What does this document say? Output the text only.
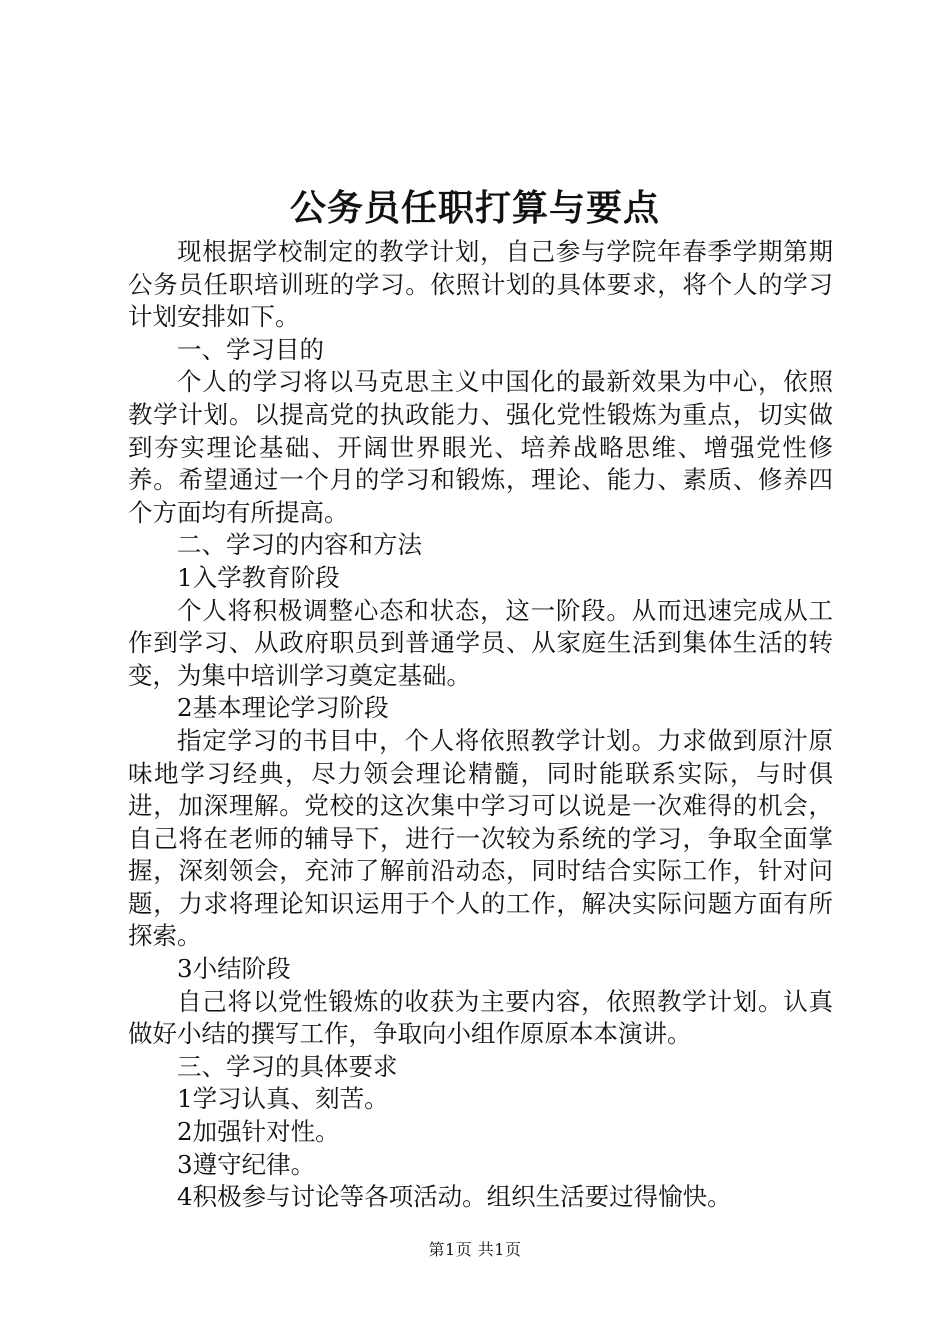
公务员任职打算与要点

现根据学校制定的教学计划，自己参与学院年春季学期第期公务员任职培训班的学习。依照计划的具体要求，将个人的学习计划安排如下。

一、学习目的

个人的学习将以马克思主义中国化的最新效果为中心，依照教学计划。以提高党的执政能力、强化党性锻炼为重点，切实做到夯实理论基础、开阔世界眼光、培养战略思维、增强党性修养。希望通过一个月的学习和锻炼，理论、能力、素质、修养四个方面均有所提高。

二、学习的内容和方法

1入学教育阶段

个人将积极调整心态和状态，这一阶段。从而迅速完成从工作到学习、从政府职员到普通学员、从家庭生活到集体生活的转变，为集中培训学习奠定基础。

2基本理论学习阶段

指定学习的书目中，个人将依照教学计划。力求做到原汁原味地学习经典，尽力领会理论精髓，同时能联系实际，与时俱进，加深理解。党校的这次集中学习可以说是一次难得的机会，自己将在老师的辅导下，进行一次较为系统的学习，争取全面掌握，深刻领会，充沛了解前沿动态，同时结合实际工作，针对问题，力求将理论知识运用于个人的工作，解决实际问题方面有所探索。

3小结阶段

自己将以党性锻炼的收获为主要内容，依照教学计划。认真做好小结的撰写工作，争取向小组作原原本本演讲。

三、学习的具体要求

1学习认真、刻苦。

2加强针对性。

3遵守纪律。

4积极参与讨论等各项活动。组织生活要过得愉快。

第1页 共1页
